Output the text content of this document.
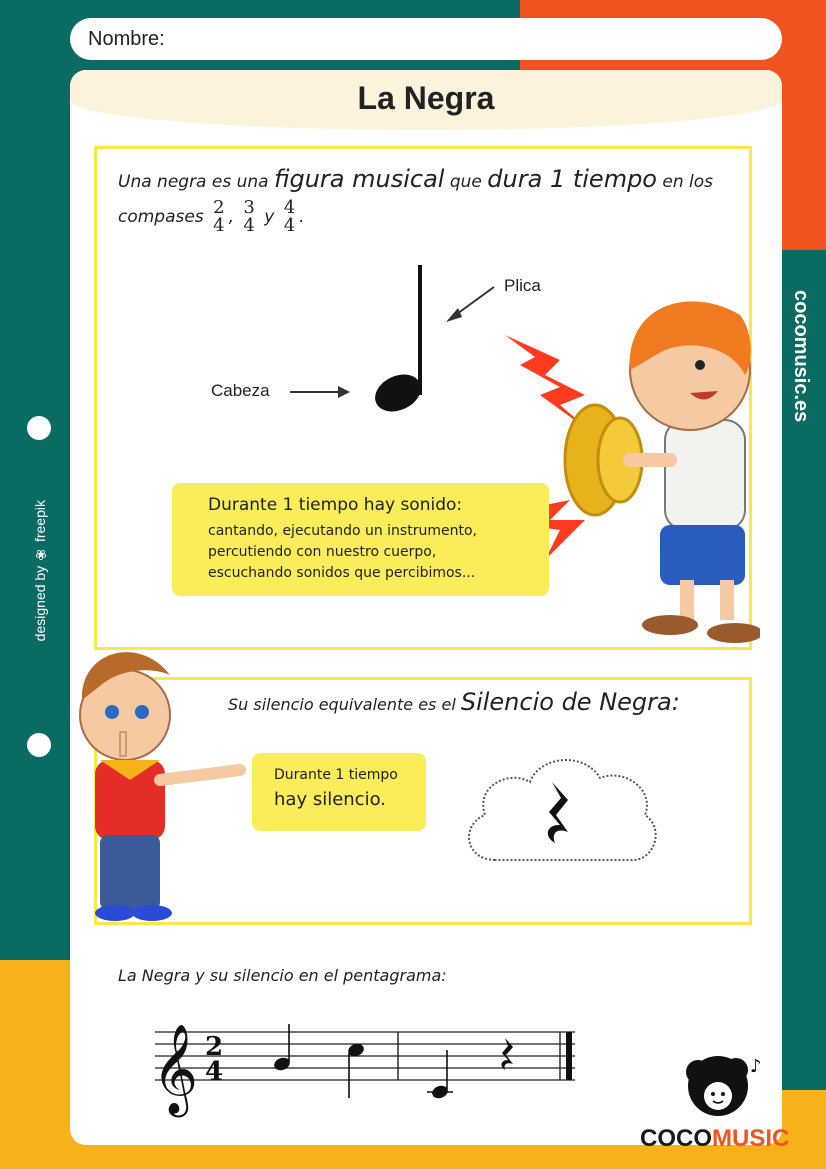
cocomusic.es
designed by ❀ freepik
Nombre:
La Negra
Una negra es una figura musical que dura 1 tiempo en los
compases 2
4 , 3
4 y 4
4 .
Plica
Cabeza
Durante 1 tiempo hay sonido:
cantando, ejecutando un instrumento,
percutiendo con nuestro cuerpo,
escuchando sonidos que percibimos...
Su silencio equivalente es el Silencio de Negra:
Durante 1 tiempo
hay silencio.
La Negra y su silencio en el pentagrama:
𝄞 2
4	♪
COCOMUSIC
